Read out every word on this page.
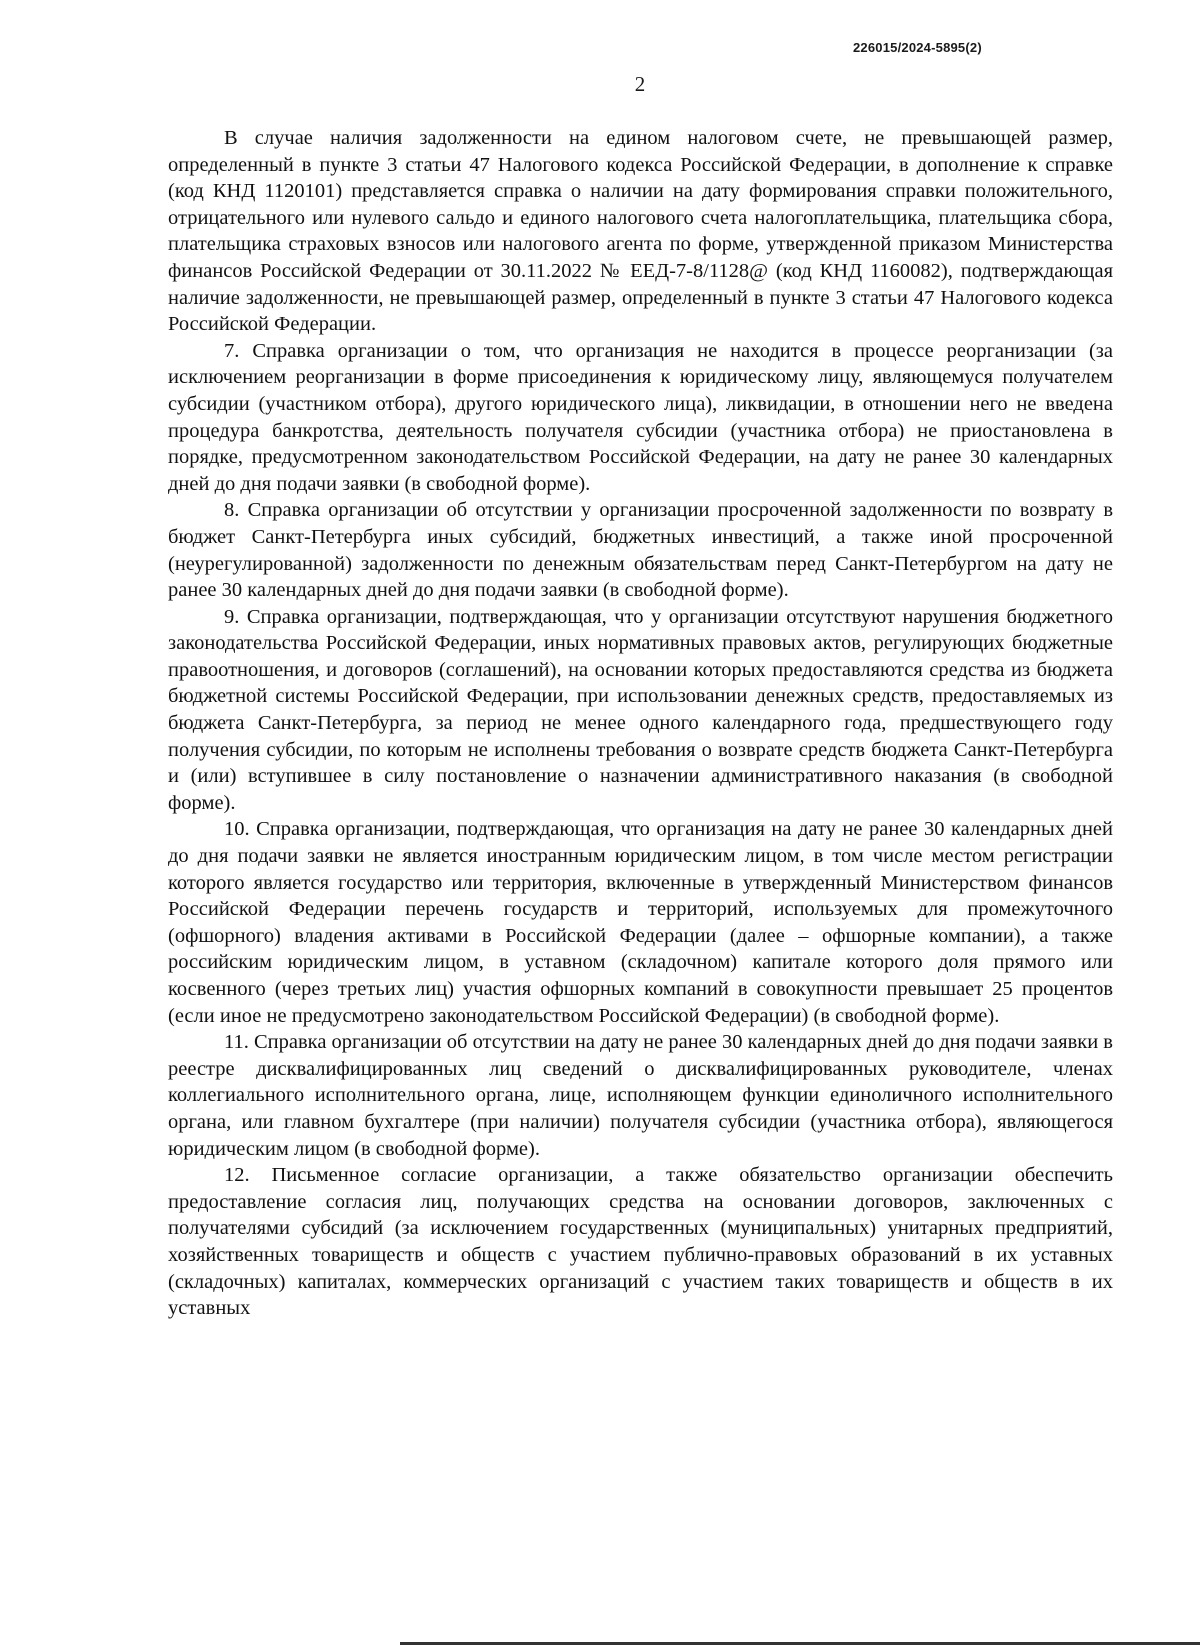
226015/2024-5895(2)
2

В случае наличия задолженности на едином налоговом счете, не превышающей размер, определенный в пункте 3 статьи 47 Налогового кодекса Российской Федерации, в дополнение к справке (код КНД 1120101) представляется справка о наличии на дату формирования справки положительного, отрицательного или нулевого сальдо и единого налогового счета налогоплательщика, плательщика сбора, плательщика страховых взносов или налогового агента по форме, утвержденной приказом Министерства финансов Российской Федерации от 30.11.2022 № ЕЕД-7-8/1128@ (код КНД 1160082), подтверждающая наличие задолженности, не превышающей размер, определенный в пункте 3 статьи 47 Налогового кодекса Российской Федерации.

7. Справка организации о том, что организация не находится в процессе реорганизации (за исключением реорганизации в форме присоединения к юридическому лицу, являющемуся получателем субсидии (участником отбора), другого юридического лица), ликвидации, в отношении него не введена процедура банкротства, деятельность получателя субсидии (участника отбора) не приостановлена в порядке, предусмотренном законодательством Российской Федерации, на дату не ранее 30 календарных дней до дня подачи заявки (в свободной форме).

8. Справка организации об отсутствии у организации просроченной задолженности по возврату в бюджет Санкт-Петербурга иных субсидий, бюджетных инвестиций, а также иной просроченной (неурегулированной) задолженности по денежным обязательствам перед Санкт-Петербургом на дату не ранее 30 календарных дней до дня подачи заявки (в свободной форме).

9. Справка организации, подтверждающая, что у организации отсутствуют нарушения бюджетного законодательства Российской Федерации, иных нормативных правовых актов, регулирующих бюджетные правоотношения, и договоров (соглашений), на основании которых предоставляются средства из бюджета бюджетной системы Российской Федерации, при использовании денежных средств, предоставляемых из бюджета Санкт-Петербурга, за период не менее одного календарного года, предшествующего году получения субсидии, по которым не исполнены требования о возврате средств бюджета Санкт-Петербурга и (или) вступившее в силу постановление о назначении административного наказания (в свободной форме).

10. Справка организации, подтверждающая, что организация на дату не ранее 30 календарных дней до дня подачи заявки не является иностранным юридическим лицом, в том числе местом регистрации которого является государство или территория, включенные в утвержденный Министерством финансов Российской Федерации перечень государств и территорий, используемых для промежуточного (офшорного) владения активами в Российской Федерации (далее – офшорные компании), а также российским юридическим лицом, в уставном (складочном) капитале которого доля прямого или косвенного (через третьих лиц) участия офшорных компаний в совокупности превышает 25 процентов (если иное не предусмотрено законодательством Российской Федерации) (в свободной форме).

11. Справка организации об отсутствии на дату не ранее 30 календарных дней до дня подачи заявки в реестре дисквалифицированных лиц сведений о дисквалифицированных руководителе, членах коллегиального исполнительного органа, лице, исполняющем функции единоличного исполнительного органа, или главном бухгалтере (при наличии) получателя субсидии (участника отбора), являющегося юридическим лицом (в свободной форме).

12. Письменное согласие организации, а также обязательство организации обеспечить предоставление согласия лиц, получающих средства на основании договоров, заключенных с получателями субсидий (за исключением государственных (муниципальных) унитарных предприятий, хозяйственных товариществ и обществ с участием публично-правовых образований в их уставных (складочных) капиталах, коммерческих организаций с участием таких товариществ и обществ в их уставных
